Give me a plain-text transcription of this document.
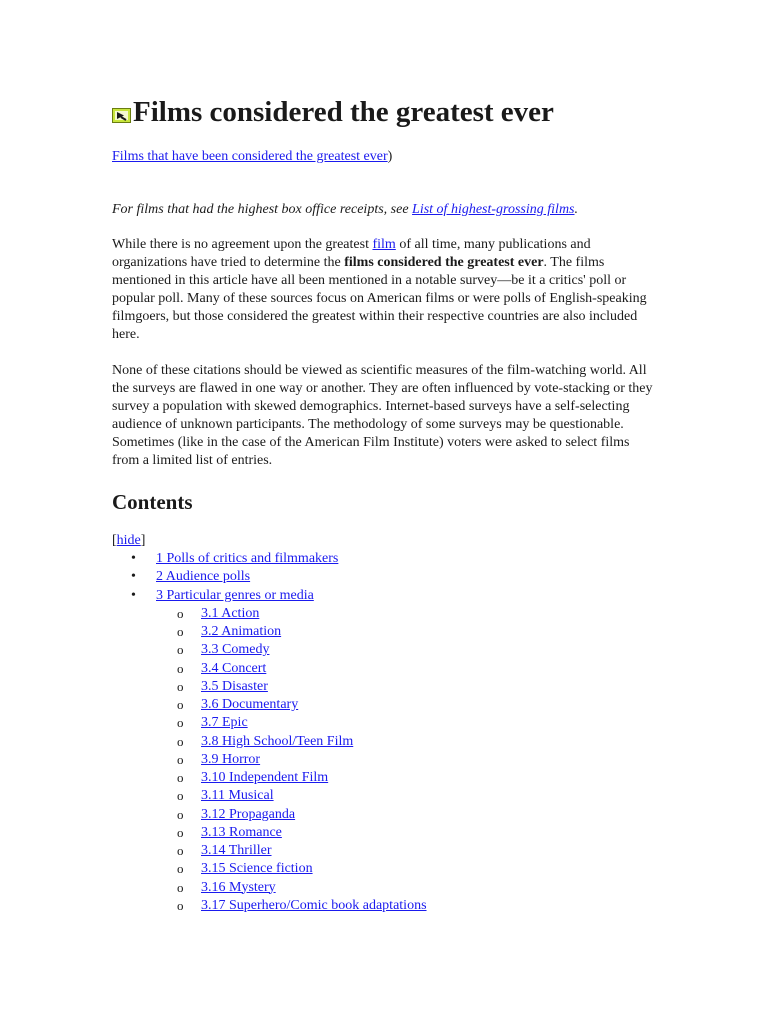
Films considered the greatest ever

Films that have been considered the greatest ever)

For films that had the highest box office receipts, see List of highest-grossing films.

While there is no agreement upon the greatest film of all time, many publications and organizations have tried to determine the films considered the greatest ever. The films mentioned in this article have all been mentioned in a notable survey—be it a critics' poll or popular poll. Many of these sources focus on American films or were polls of English-speaking filmgoers, but those considered the greatest within their respective countries are also included here.

None of these citations should be viewed as scientific measures of the film-watching world. All the surveys are flawed in one way or another. They are often influenced by vote-stacking or they survey a population with skewed demographics. Internet-based surveys have a self-selecting audience of unknown participants. The methodology of some surveys may be questionable. Sometimes (like in the case of the American Film Institute) voters were asked to select films from a limited list of entries.

Contents
[hide]
• 1 Polls of critics and filmmakers
• 2 Audience polls
• 3 Particular genres or media
o 3.1 Action
o 3.2 Animation
o 3.3 Comedy
o 3.4 Concert
o 3.5 Disaster
o 3.6 Documentary
o 3.7 Epic
o 3.8 High School/Teen Film
o 3.9 Horror
o 3.10 Independent Film
o 3.11 Musical
o 3.12 Propaganda
o 3.13 Romance
o 3.14 Thriller
o 3.15 Science fiction
o 3.16 Mystery
o 3.17 Superhero/Comic book adaptations
